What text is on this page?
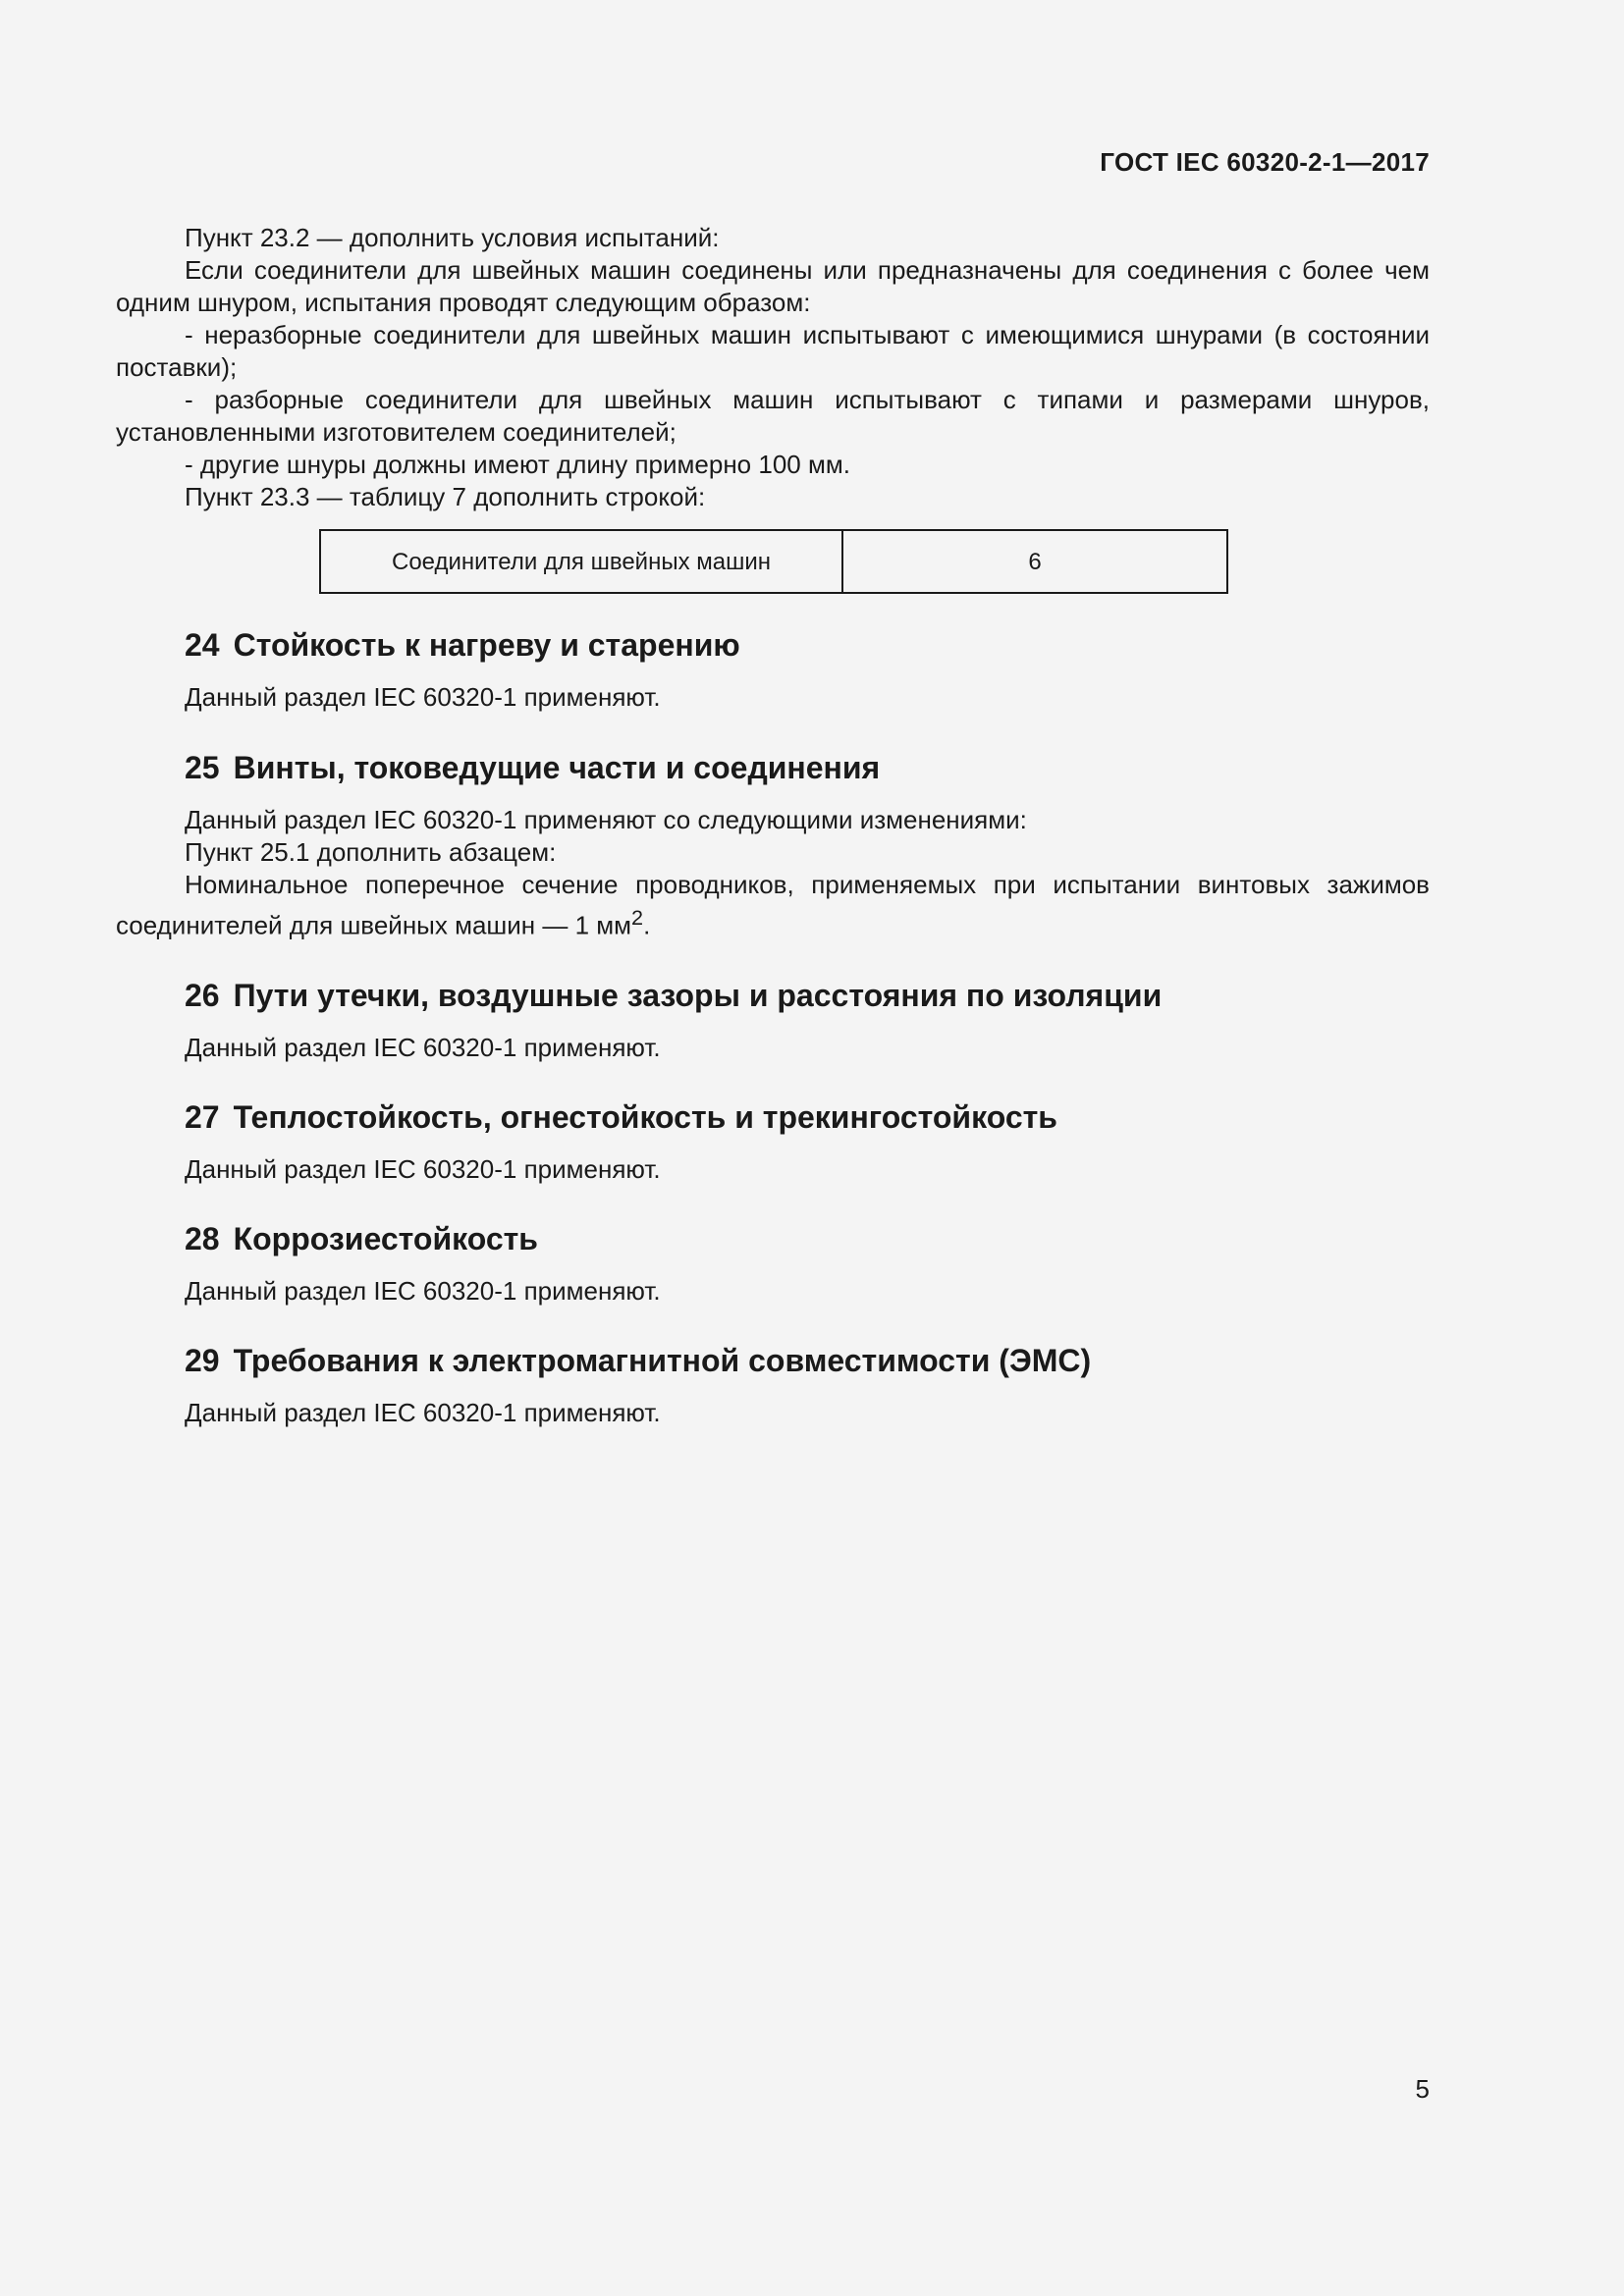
ГОСТ IEC 60320-2-1—2017

Пункт 23.2 — дополнить условия испытаний:

Если соединители для швейных машин соединены или предназначены для соединения с более чем одним шнуром, испытания проводят следующим образом:

- неразборные соединители для швейных машин испытывают с имеющимися шнурами (в состоянии поставки);

- разборные соединители для швейных машин испытывают с типами и размерами шнуров, установленными изготовителем соединителей;

- другие шнуры должны имеют длину примерно 100 мм.

Пункт 23.3 — таблицу 7 дополнить строкой:

Соединители для швейных машин	6
24 Стойкость к нагреву и старению

Данный раздел IEC 60320-1 применяют.

25 Винты, токоведущие части и соединения

Данный раздел IEC 60320-1 применяют со следующими изменениями:

Пункт 25.1 дополнить абзацем:

Номинальное поперечное сечение проводников, применяемых при испытании винтовых зажимов соединителей для швейных машин — 1 $мм^2$.

26 Пути утечки, воздушные зазоры и расстояния по изоляции

Данный раздел IEC 60320-1 применяют.

27 Теплостойкость, огнестойкость и трекингостойкость

Данный раздел IEC 60320-1 применяют.

28 Коррозиестойкость

Данный раздел IEC 60320-1 применяют.

29 Требования к электромагнитной совместимости (ЭМС)

Данный раздел IEC 60320-1 применяют.

5
